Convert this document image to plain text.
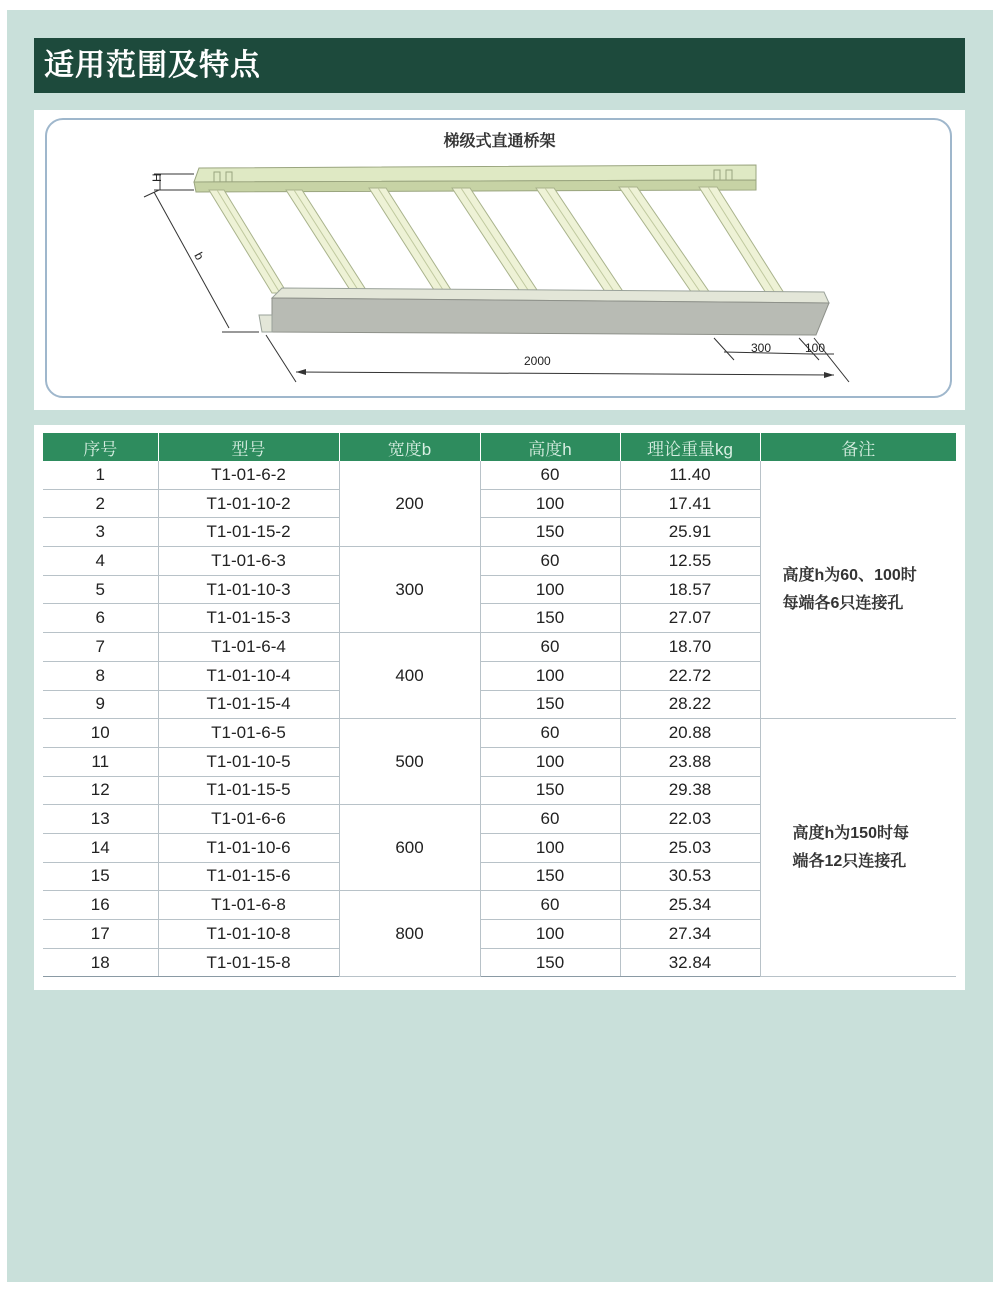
适用范围及特点
梯级式直通桥架
H
b
2000
300	100
序号	型号	宽度b	高度h	理论重量kg	备注
1	T1-01-6-2	200	60	11.40	高度h为60、100时
每端各6只连接孔

2	T1-01-10-2		100	17.41	
3	T1-01-15-2		150	25.91	
4	T1-01-6-3	300	60	12.55	
5	T1-01-10-3		100	18.57	
6	T1-01-15-3		150	27.07	
7	T1-01-6-4	400	60	18.70	
8	T1-01-10-4		100	22.72	
9	T1-01-15-4		150	28.22	
10	T1-01-6-5	500	60	20.88	高度h为150时每
端各12只连接孔

11	T1-01-10-5		100	23.88	
12	T1-01-15-5		150	29.38	
13	T1-01-6-6	600	60	22.03	
14	T1-01-10-6		100	25.03	
15	T1-01-15-6		150	30.53	
16	T1-01-6-8	800	60	25.34	
17	T1-01-10-8		100	27.34	
18	T1-01-15-8		150	32.84	
